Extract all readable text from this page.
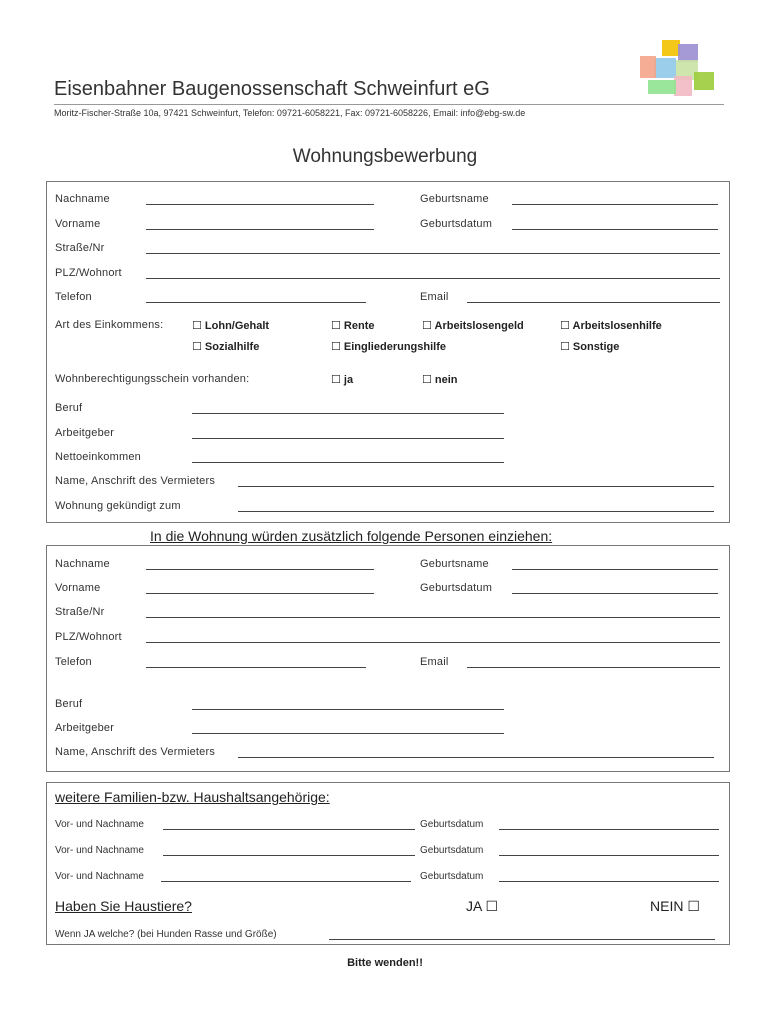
Eisenbahner Baugenossenschaft Schweinfurt eG
Moritz-Fischer-Straße 10a, 97421 Schweinfurt, Telefon: 09721-6058221, Fax: 09721-6058226, Email: info@ebg-sw.de
Wohnungsbewerbung
Nachname	Geburtsname
Vorname	Geburtsdatum
Straße/Nr
PLZ/Wohnort
Telefon	Email
Art des Einkommens:	☐ Lohn/Gehalt	☐ Rente	☐ Arbeitslosengeld	☐ Arbeitslosenhilfe
☐ Sozialhilfe	☐ Eingliederungshilfe	☐ Sonstige
Wohnberechtigungsschein vorhanden:	☐ ja	☐ nein
Beruf
Arbeitgeber
Nettoeinkommen
Name, Anschrift des Vermieters
Wohnung gekündigt zum
In die Wohnung würden zusätzlich folgende Personen einziehen:
Nachname	Geburtsname
Vorname	Geburtsdatum
Straße/Nr
PLZ/Wohnort
Telefon	Email
Beruf
Arbeitgeber
Name, Anschrift des Vermieters
weitere Familien-bzw. Haushaltsangehörige:
Vor- und Nachname	Geburtsdatum
Vor- und Nachname	Geburtsdatum
Vor- und Nachname	Geburtsdatum
Haben Sie Haustiere?	JA ☐	NEIN ☐
Wenn JA welche? (bei Hunden Rasse und Größe)
Bitte wenden!!
